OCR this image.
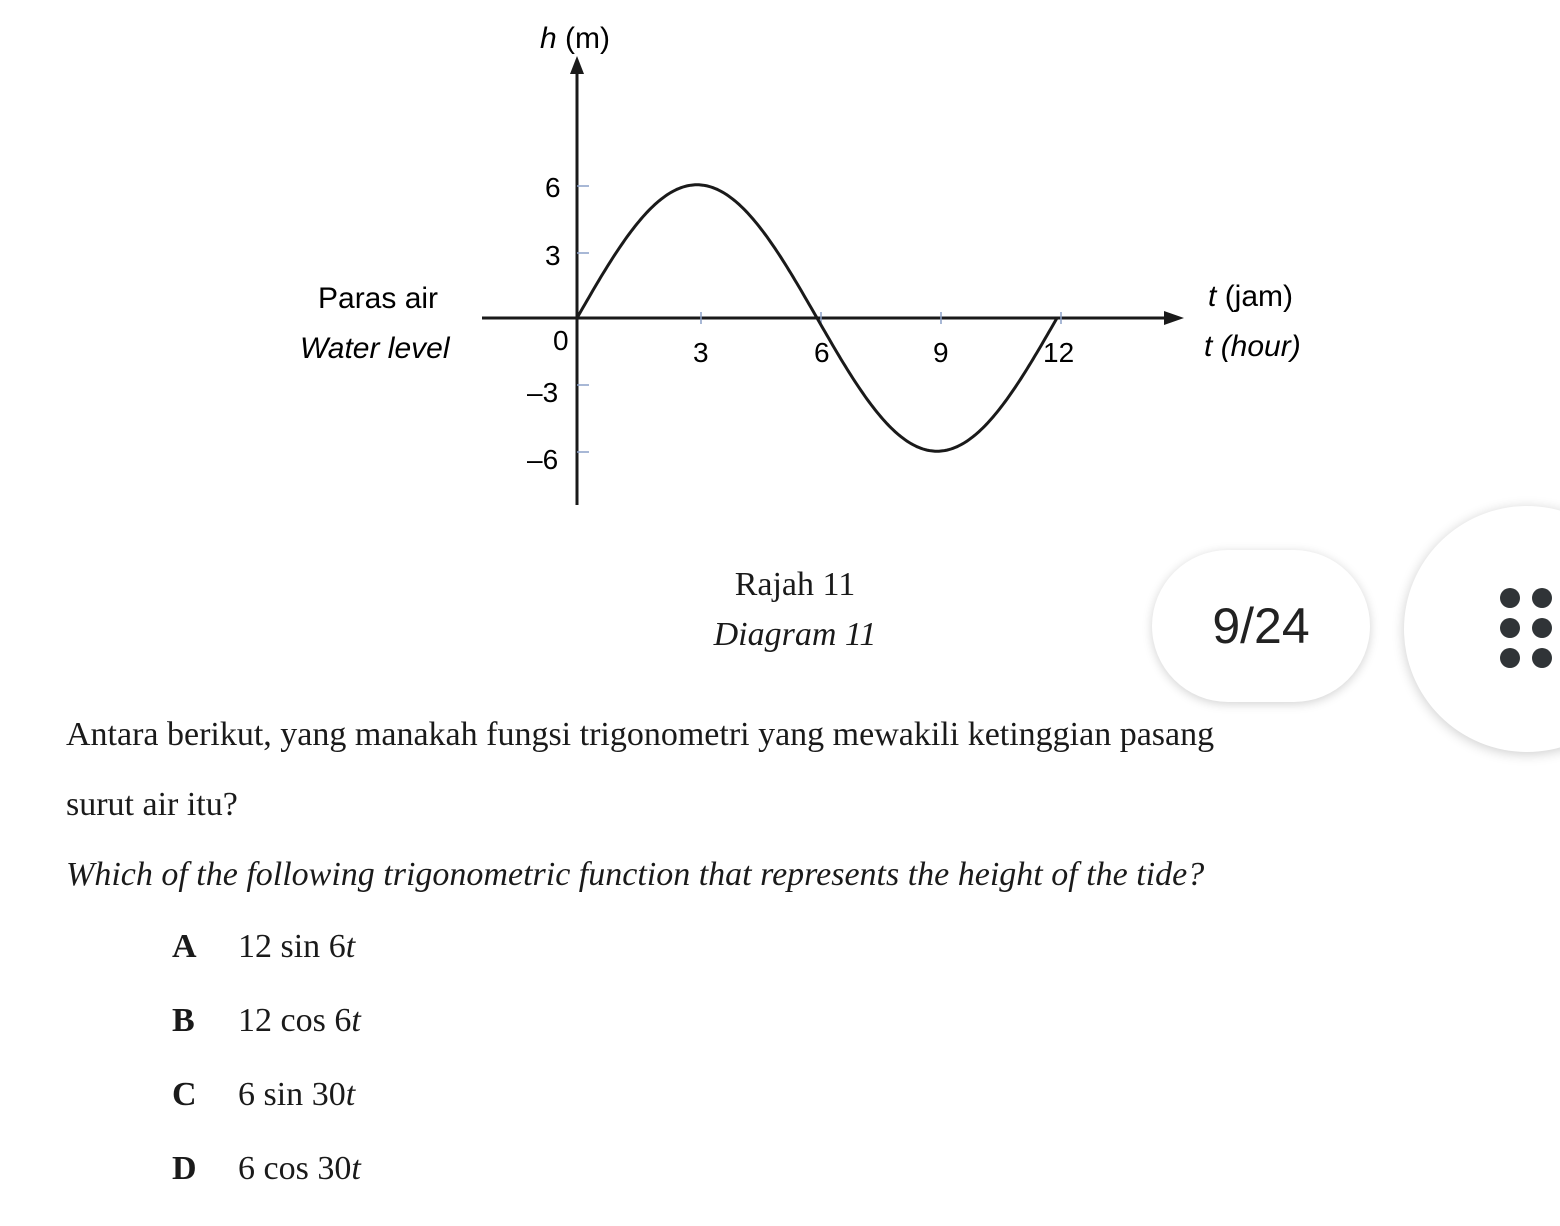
h (m)
t (jam)
t (hour)
Paras air
Water level	0
6
3
–3
–6
3	6	9	12
Rajah 11
Diagram 11
Antara berikut, yang manakah fungsi trigonometri yang mewakili ketinggian pasang
surut air itu?
Which of the following trigonometric function that represents the height of the tide?
A	12 sin 6t
B	12 cos 6t
C	6 sin 30t
D	6 cos 30t
9/24
